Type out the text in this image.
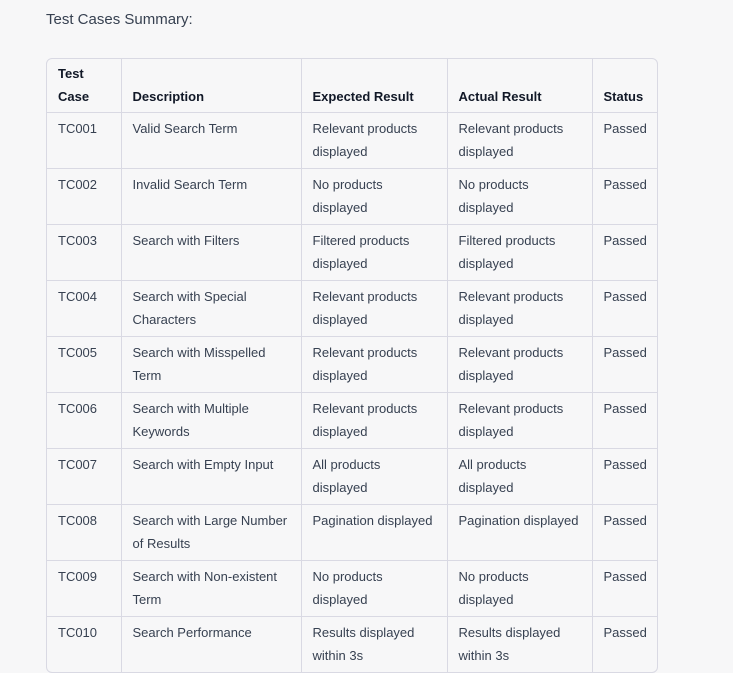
Test Cases Summary:

Test Case	Description	Expected Result	Actual Result	Status
TC001	Valid Search Term	Relevant products displayed	Relevant products displayed	Passed
TC002	Invalid Search Term	No products displayed	No products displayed	Passed
TC003	Search with Filters	Filtered products displayed	Filtered products displayed	Passed
TC004	Search with Special Characters	Relevant products displayed	Relevant products displayed	Passed
TC005	Search with Misspelled Term	Relevant products displayed	Relevant products displayed	Passed
TC006	Search with Multiple Keywords	Relevant products displayed	Relevant products displayed	Passed
TC007	Search with Empty Input	All products displayed	All products displayed	Passed
TC008	Search with Large Number of Results	Pagination displayed	Pagination displayed	Passed
TC009	Search with Non-existent Term	No products displayed	No products displayed	Passed
TC010	Search Performance	Results displayed within 3s	Results displayed within 3s	Passed
